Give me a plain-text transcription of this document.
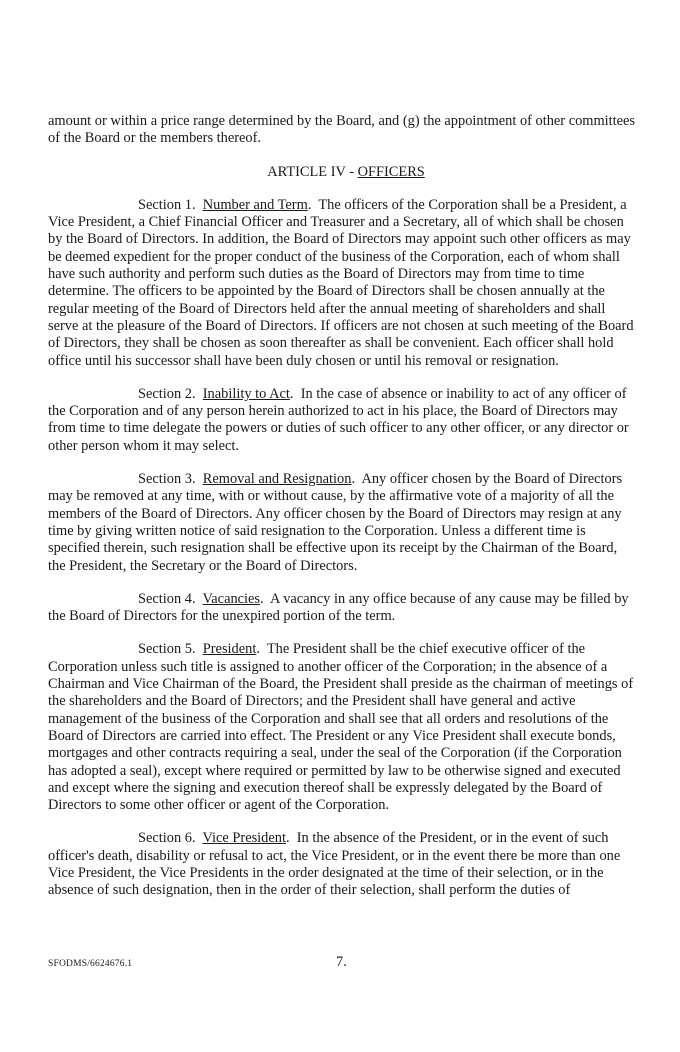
amount or within a price range determined by the Board, and (g) the appointment of other committees of the Board or the members thereof.

ARTICLE IV - OFFICERS

Section 1. Number and Term.  The officers of the Corporation shall be a President, a Vice President, a Chief Financial Officer and Treasurer and a Secretary, all of which shall be chosen by the Board of Directors. In addition, the Board of Directors may appoint such other officers as may be deemed expedient for the proper conduct of the business of the Corporation, each of whom shall have such authority and perform such duties as the Board of Directors may from time to time determine. The officers to be appointed by the Board of Directors shall be chosen annually at the regular meeting of the Board of Directors held after the annual meeting of shareholders and shall serve at the pleasure of the Board of Directors. If officers are not chosen at such meeting of the Board of Directors, they shall be chosen as soon thereafter as shall be convenient. Each officer shall hold office until his successor shall have been duly chosen or until his removal or resignation.

Section 2. Inability to Act.  In the case of absence or inability to act of any officer of the Corporation and of any person herein authorized to act in his place, the Board of Directors may from time to time delegate the powers or duties of such officer to any other officer, or any director or other person whom it may select.

Section 3. Removal and Resignation.  Any officer chosen by the Board of Directors may be removed at any time, with or without cause, by the affirmative vote of a majority of all the members of the Board of Directors. Any officer chosen by the Board of Directors may resign at any time by giving written notice of said resignation to the Corporation. Unless a different time is specified therein, such resignation shall be effective upon its receipt by the Chairman of the Board, the President, the Secretary or the Board of Directors.

Section 4. Vacancies.  A vacancy in any office because of any cause may be filled by the Board of Directors for the unexpired portion of the term.

Section 5. President.  The President shall be the chief executive officer of the Corporation unless such title is assigned to another officer of the Corporation; in the absence of a Chairman and Vice Chairman of the Board, the President shall preside as the chairman of meetings of the shareholders and the Board of Directors; and the President shall have general and active management of the business of the Corporation and shall see that all orders and resolutions of the Board of Directors are carried into effect. The President or any Vice President shall execute bonds, mortgages and other contracts requiring a seal, under the seal of the Corporation (if the Corporation has adopted a seal), except where required or permitted by law to be otherwise signed and executed and except where the signing and execution thereof shall be expressly delegated by the Board of Directors to some other officer or agent of the Corporation.

Section 6. Vice President.  In the absence of the President, or in the event of such officer's death, disability or refusal to act, the Vice President, or in the event there be more than one Vice President, the Vice Presidents in the order designated at the time of their selection, or in the absence of such designation, then in the order of their selection, shall perform the duties of

SFODMS/6624676.1	7.
